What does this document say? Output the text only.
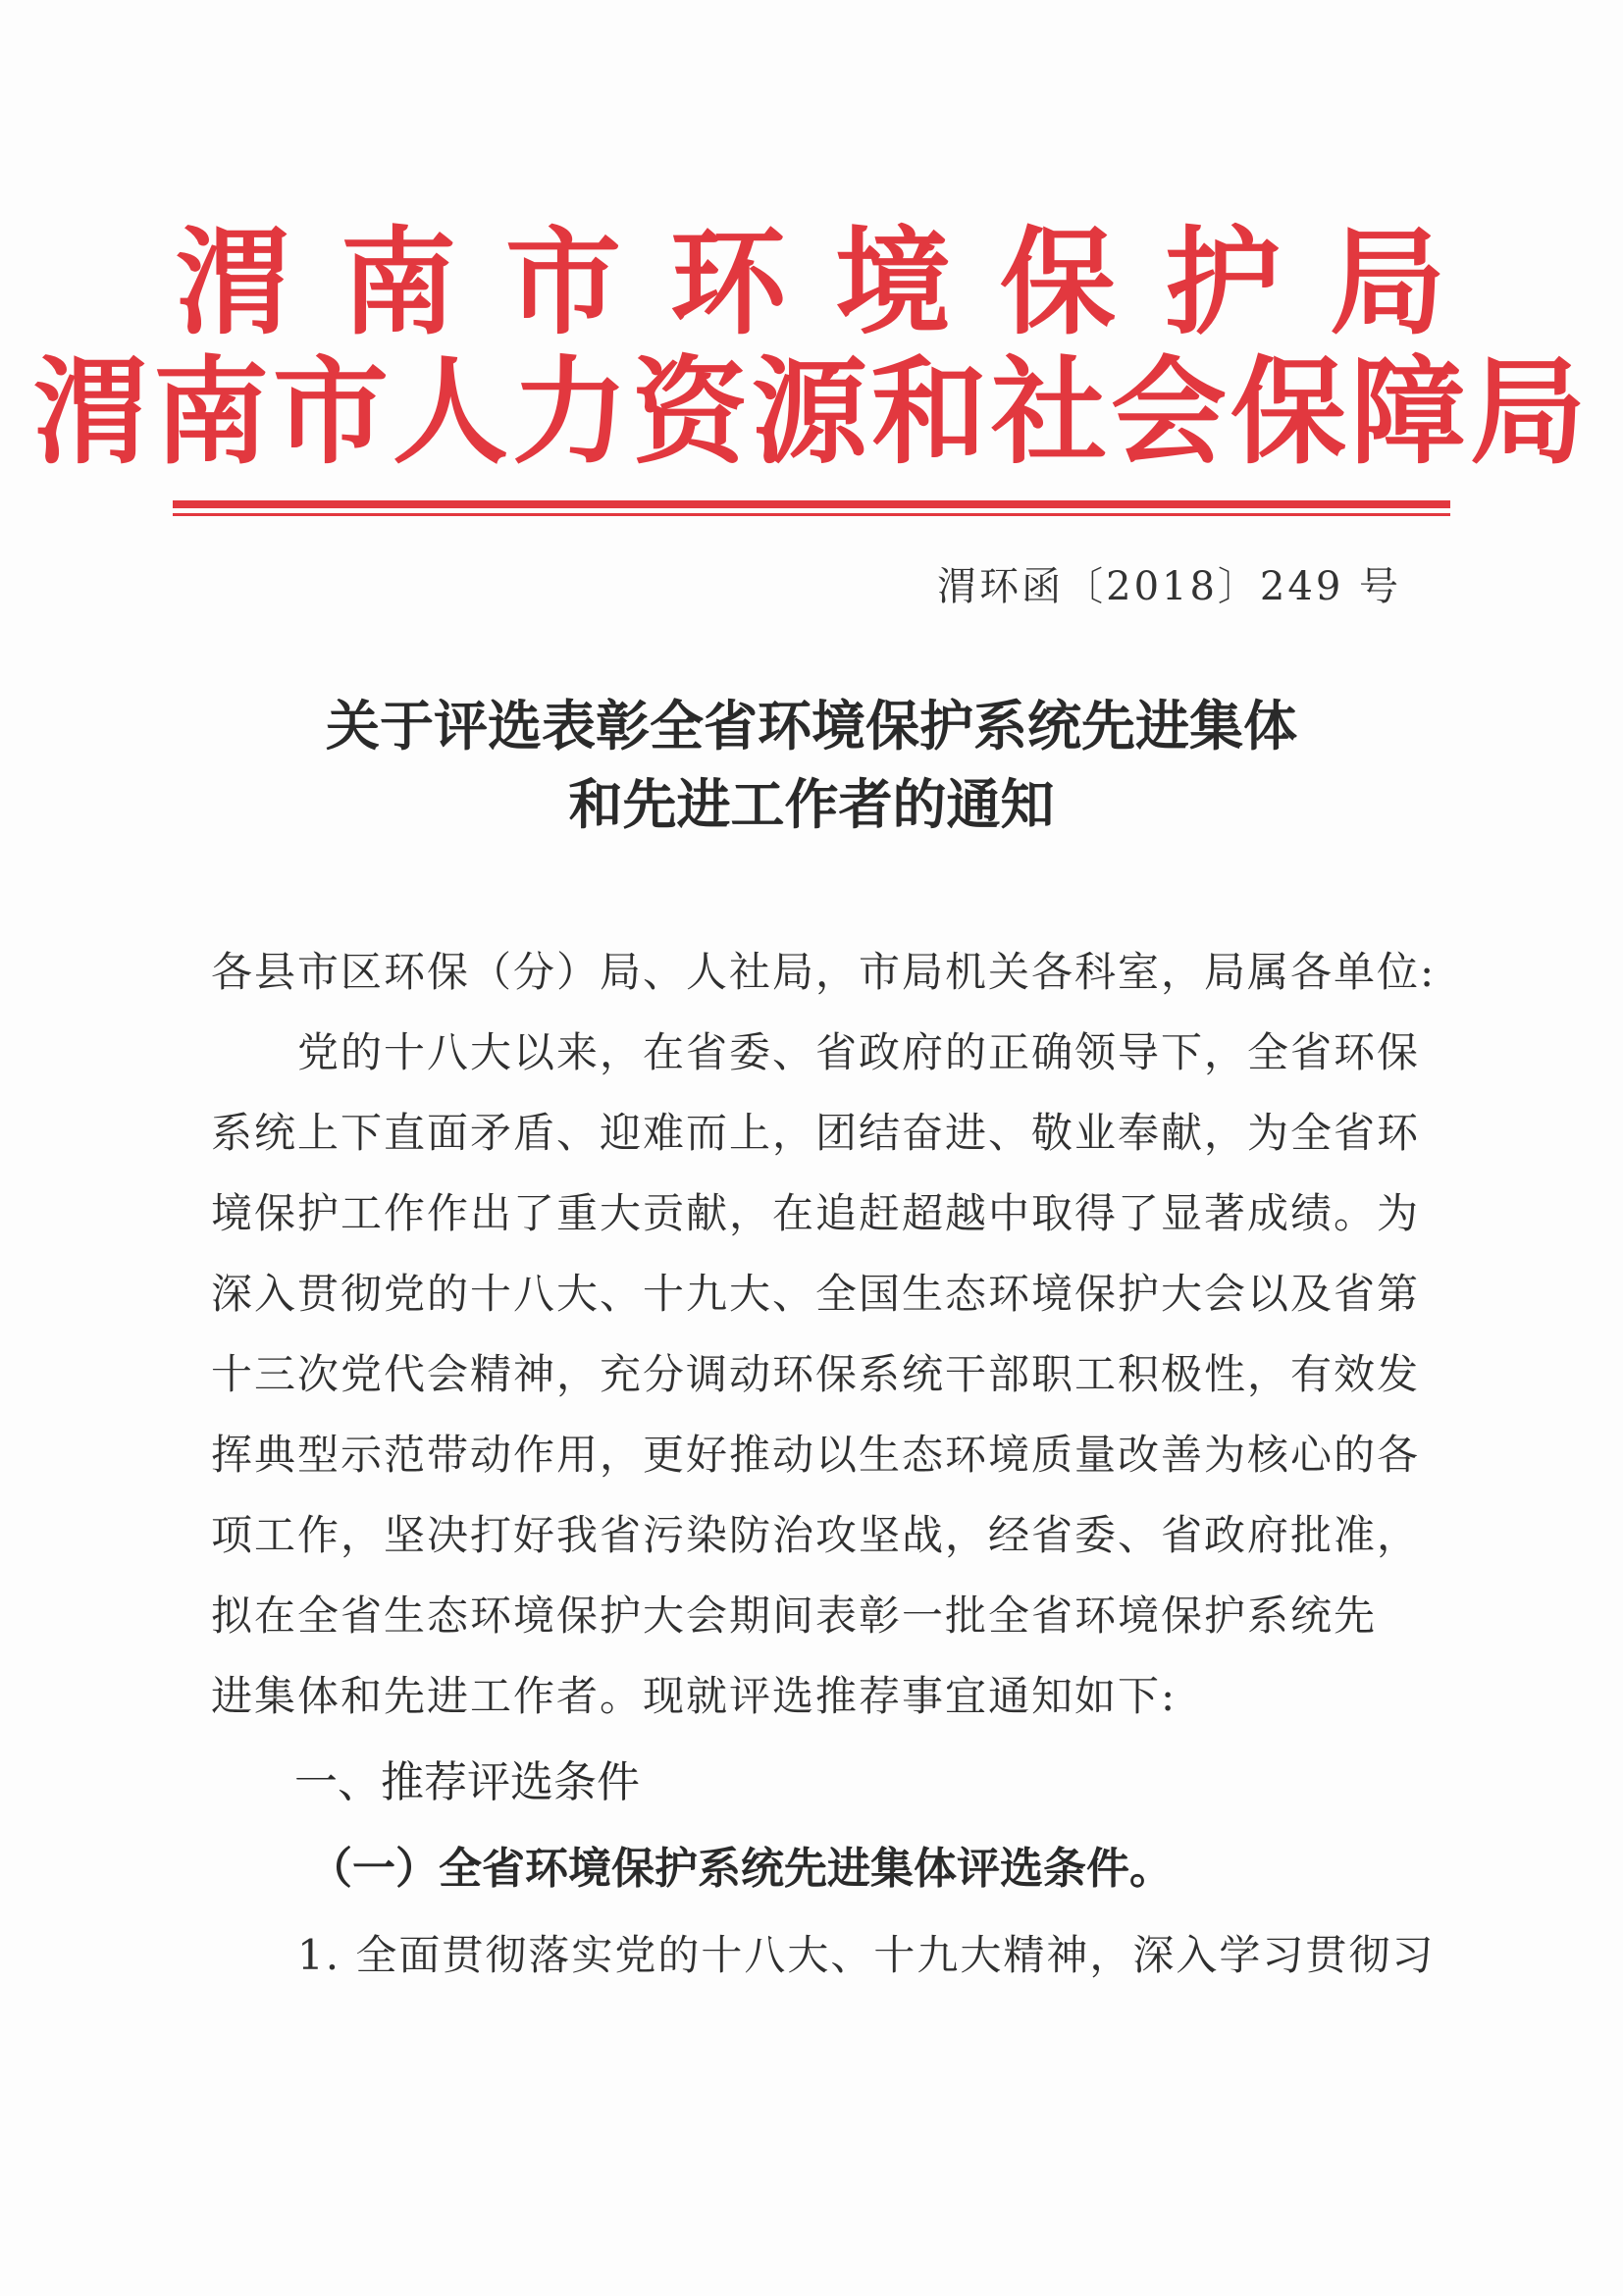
渭南市环境保护局
渭南市人力资源和社会保障局
渭环函〔2018〕249 号
关于评选表彰全省环境保护系统先进集体
和先进工作者的通知
各县市区环保（分）局、人社局，市局机关各科室，局属各单位:
　　党的十八大以来，在省委、省政府的正确领导下，全省环保
系统上下直面矛盾、迎难而上，团结奋进、敬业奉献，为全省环
境保护工作作出了重大贡献，在追赶超越中取得了显著成绩。为
深入贯彻党的十八大、十九大、全国生态环境保护大会以及省第
十三次党代会精神，充分调动环保系统干部职工积极性，有效发
挥典型示范带动作用，更好推动以生态环境质量改善为核心的各
项工作，坚决打好我省污染防治攻坚战，经省委、省政府批准，
拟在全省生态环境保护大会期间表彰一批全省环境保护系统先
进集体和先进工作者。现就评选推荐事宜通知如下:
一、推荐评选条件
（一）全省环境保护系统先进集体评选条件。
　　1. 全面贯彻落实党的十八大、十九大精神，深入学习贯彻习
